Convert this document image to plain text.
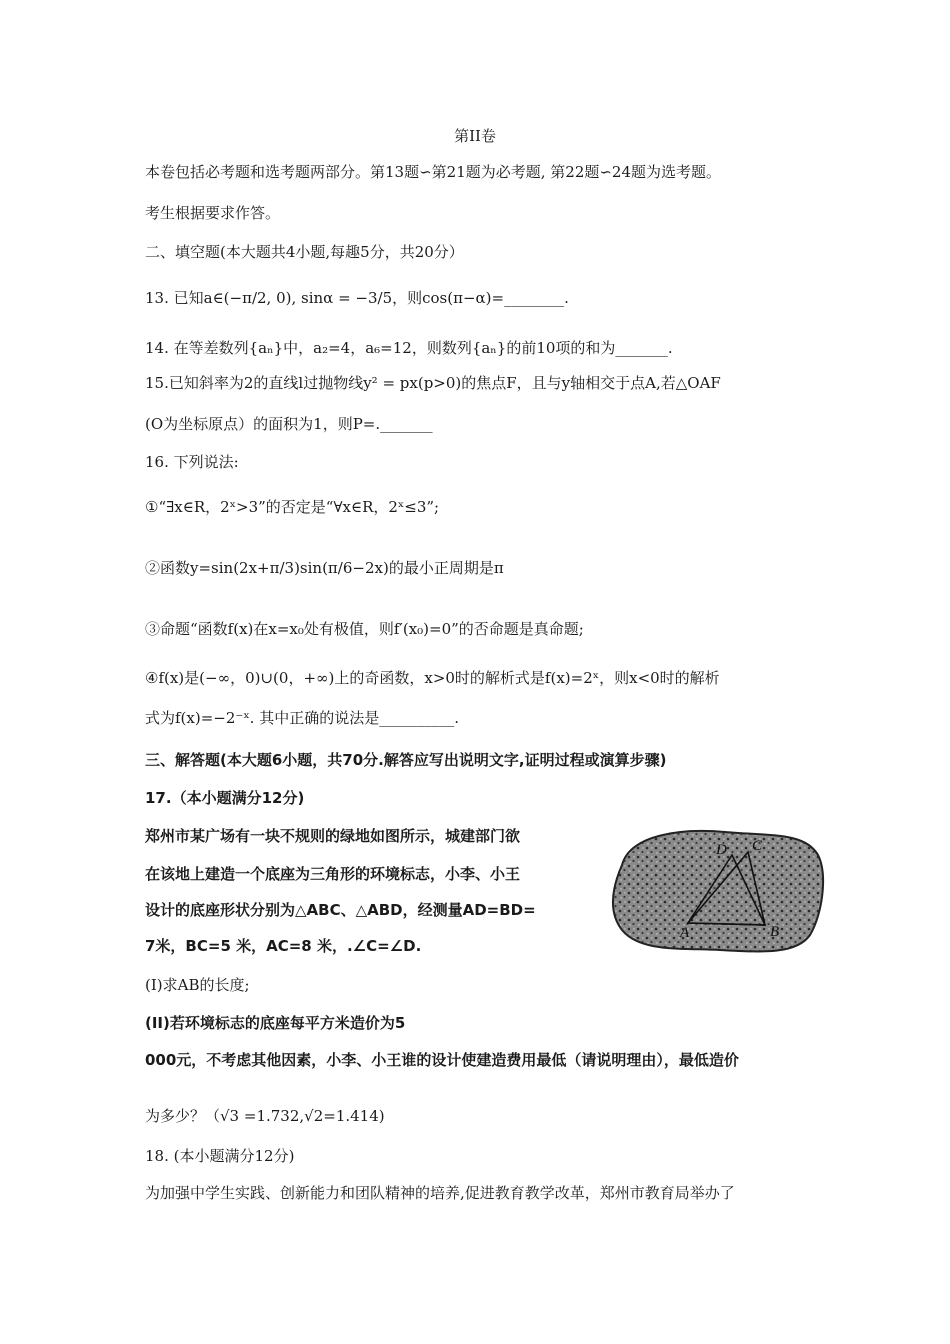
第II卷
本卷包括必考题和选考题两部分。第13题∽第21题为必考题, 第22题∽24题为选考题。
考生根据要求作答。
二、填空题(本大题共4小题,每趣5分，共20分）
13. 已知a∈(−π/2, 0), sinα = −3/5，则cos(π−α)=________.
14. 在等差数列{aₙ}中，a₂=4，a₆=12，则数列{aₙ}的前10项的和为_______.
15.已知斜率为2的直线l过抛物线y² = px(p>0)的焦点F，且与y轴相交于点A,若△OAF
(O为坐标原点）的面积为1，则P=._______
16. 下列说法:
①“∃x∈R，2ˣ>3”的否定是“∀x∈R，2ˣ≤3”;
②函数y=sin(2x+π/3)sin(π/6−2x)的最小正周期是π
③命题“函数f(x)在x=x₀处有极值，则f′(x₀)=0”的否命题是真命题;
④f(x)是(−∞，0)∪(0，+∞)上的奇函数，x>0时的解析式是f(x)=2ˣ，则x<0时的解析
式为f(x)=−2⁻ˣ. 其中正确的说法是__________.
三、解答题(本大题6小题，共70分.解答应写出说明文字,证明过程或演算步骤)
17.（本小题满分12分)
郑州市某广场有一块不规则的绿地如图所示，城建部门欲
在该地上建造一个底座为三角形的环境标志，小李、小王
设计的底座形状分别为△ABC、△ABD，经测量AD=BD=
7米，BC=5 米，AC=8 米，.∠C=∠D.
(I)求AB的长度;
(II)若环境标志的底座每平方米造价为5
000元，不考虑其他因素，小李、小王谁的设计使建造费用最低（请说明理由），最低造价
为多少？（√3 =1.732,√2=1.414)
A	B
C
D
18. (本小题满分12分)
为加强中学生实践、创新能力和团队精神的培养,促进教育教学改革，郑州市教育局举办了
